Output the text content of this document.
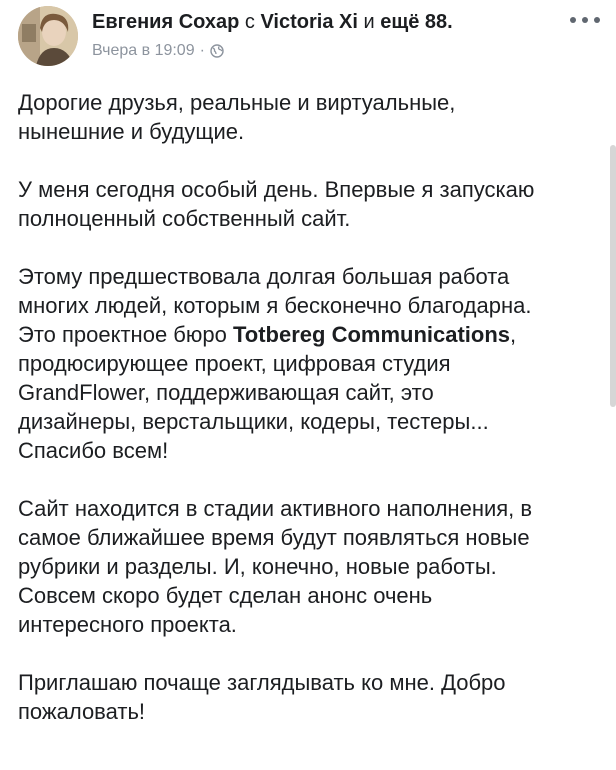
Евгения Сохар с Victoria Xi и ещё 88.
Вчера в 19:09 ·

Дорогие друзья, реальные и виртуальные,
нынешние и будущие.

У меня сегодня особый день. Впервые я запускаю
полноценный собственный сайт.

Этому предшествовала долгая большая работа
многих людей, которым я бесконечно благодарна.
Это проектное бюро Totbereg Communications,
продюсирующее проект, цифровая студия
GrandFlower, поддерживающая сайт, это
дизайнеры, верстальщики, кодеры, тестеры...
Спасибо всем!

Сайт находится в стадии активного наполнения, в
самое ближайшее время будут появляться новые
рубрики и разделы. И, конечно, новые работы.
Совсем скоро будет сделан анонс очень
интересного проекта.

Приглашаю почаще заглядывать ко мне. Добро
пожаловать!
